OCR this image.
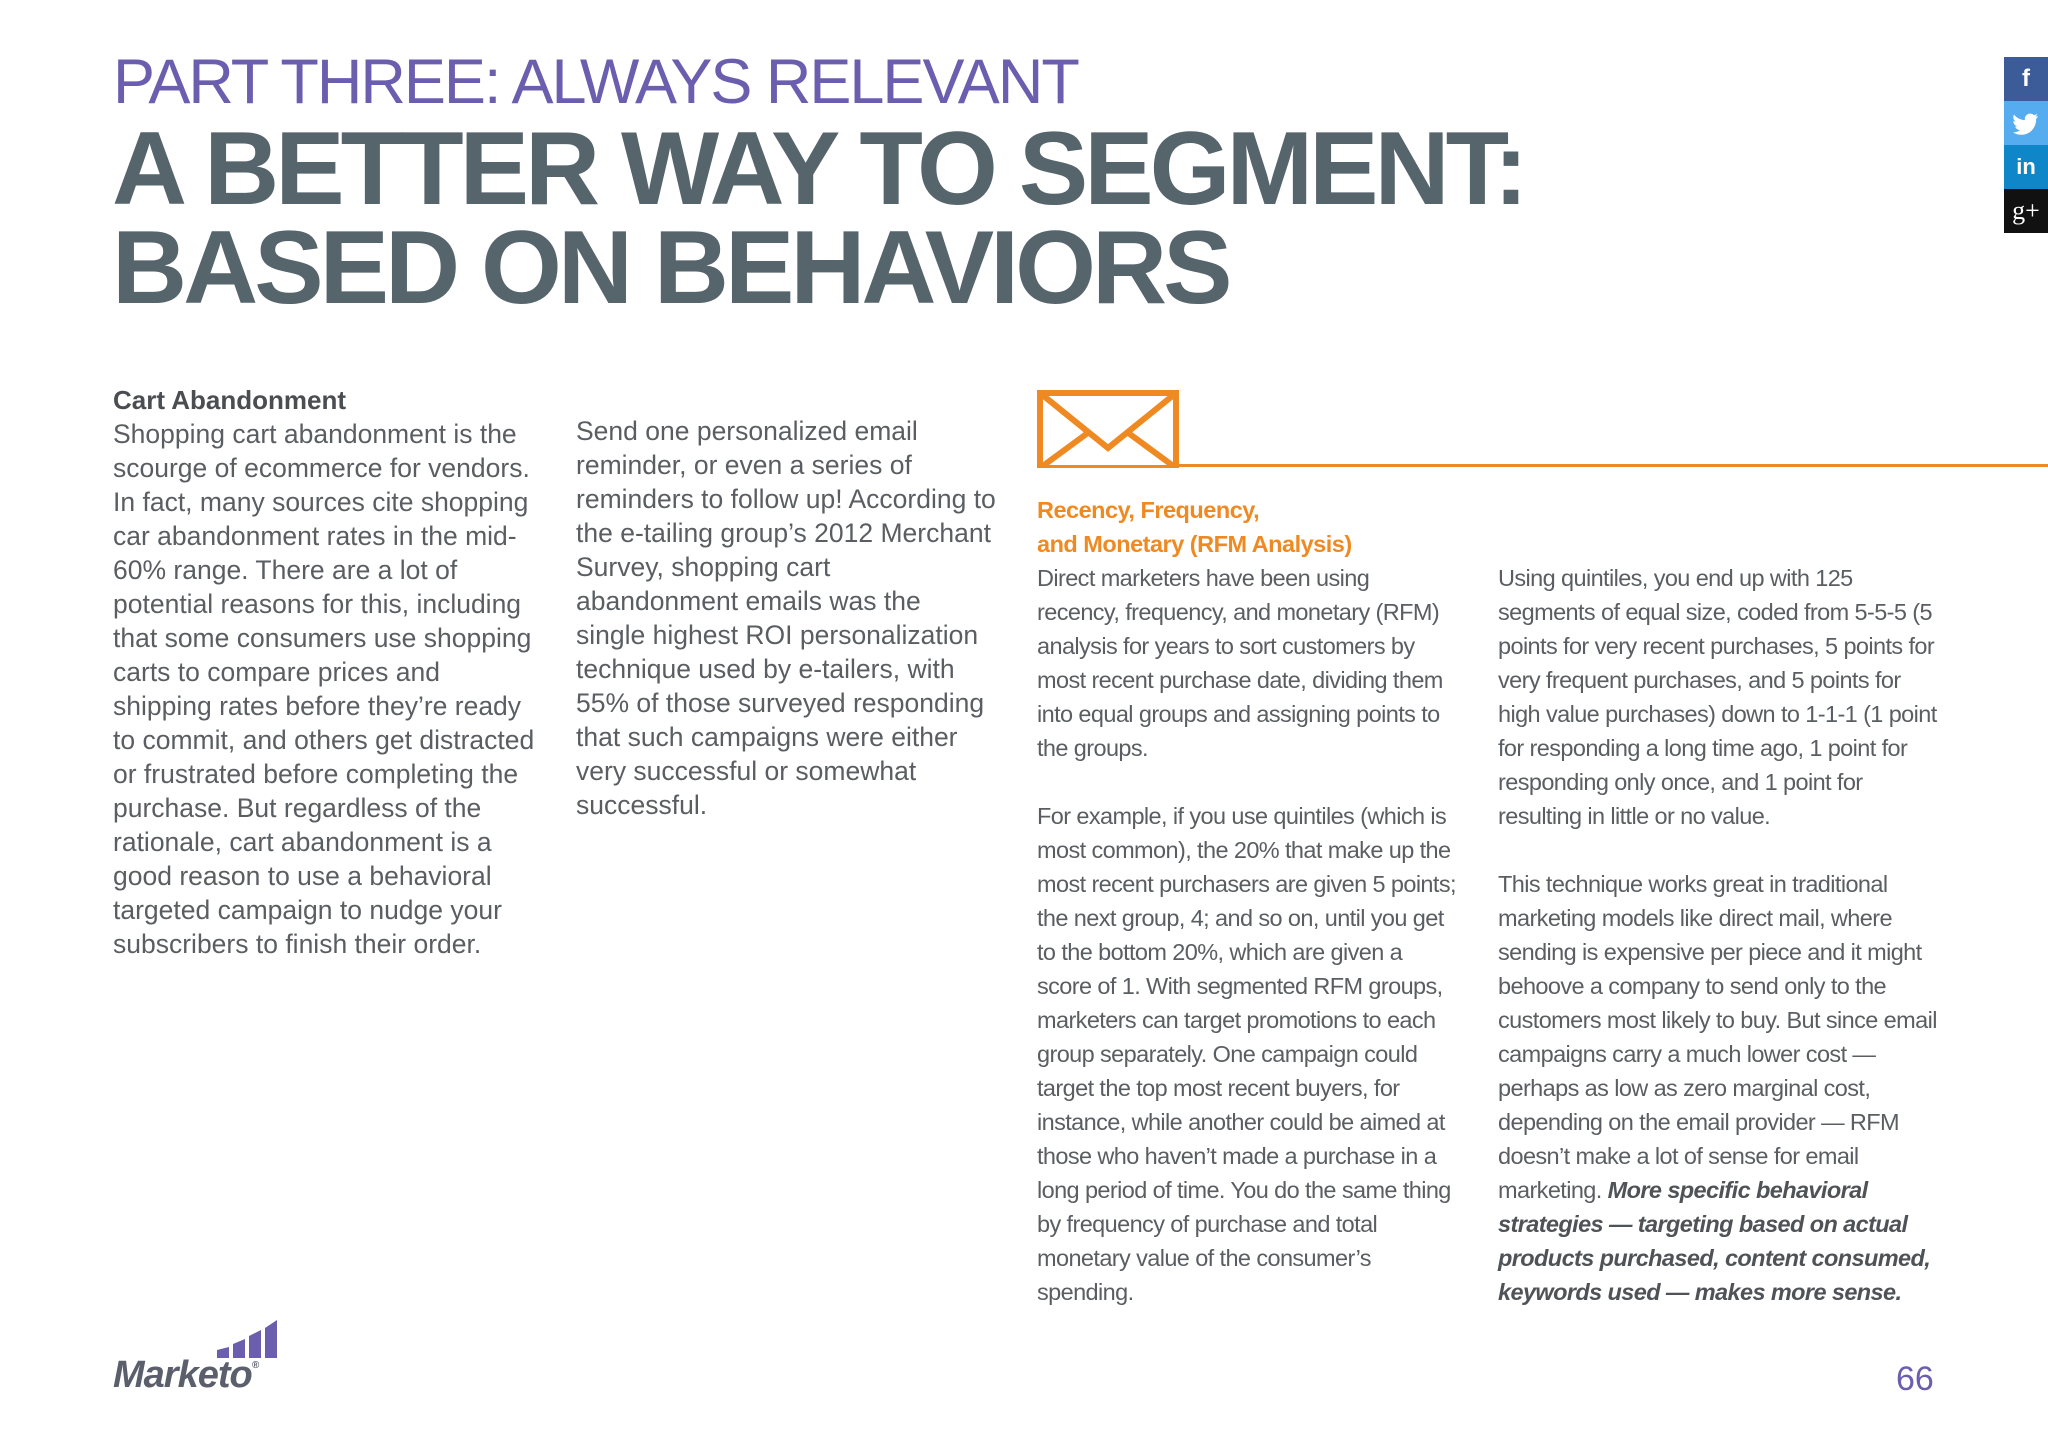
PART THREE: ALWAYS RELEVANT
A BETTER WAY TO SEGMENT:
BASED ON BEHAVIORS
Cart Abandonment

Shopping cart abandonment is the scourge of ecommerce for vendors. In fact, many sources cite shopping car abandonment rates in the mid-60% range. There are a lot of potential reasons for this, including that some consumers use shopping carts to compare prices and shipping rates before they’re ready to commit, and others get distracted or frustrated before completing the purchase. But regardless of the rationale, cart abandonment is a good reason to use a behavioral targeted campaign to nudge your subscribers to finish their order.

Send one personalized email reminder, or even a series of reminders to follow up! According to the e-tailing group’s 2012 Merchant Survey, shopping cart abandonment emails was the single highest ROI personalization technique used by e-tailers, with 55% of those surveyed responding that such campaigns were either very successful or somewhat successful.

Recency, Frequency,
and Monetary (RFM Analysis)

Direct marketers have been using recency, frequency, and monetary (RFM) analysis for years to sort customers by most recent purchase date, dividing them into equal groups and assigning points to the groups.

For example, if you use quintiles (which is most common), the 20% that make up the most recent purchasers are given 5 points; the next group, 4; and so on, until you get to the bottom 20%, which are given a score of 1. With segmented RFM groups, marketers can target promotions to each group separately. One campaign could target the top most recent buyers, for instance, while another could be aimed at those who haven’t made a purchase in a long period of time. You do the same thing by frequency of purchase and total monetary value of the consumer’s spending.

Using quintiles, you end up with 125 segments of equal size, coded from 5-5-5 (5 points for very recent purchases, 5 points for very frequent purchases, and 5 points for high value purchases) down to 1-1-1 (1 point for responding a long time ago, 1 point for responding only once, and 1 point for resulting in little or no value.

This technique works great in traditional marketing models like direct mail, where sending is expensive per piece and it might behoove a company to send only to the customers most likely to buy. But since email campaigns carry a much lower cost — perhaps as low as zero marginal cost, depending on the email provider — RFM doesn’t make a lot of sense for email marketing. More specific behavioral strategies — targeting based on actual products purchased, content consumed, keywords used — makes more sense.

f
in
g+
Marketo®	66
